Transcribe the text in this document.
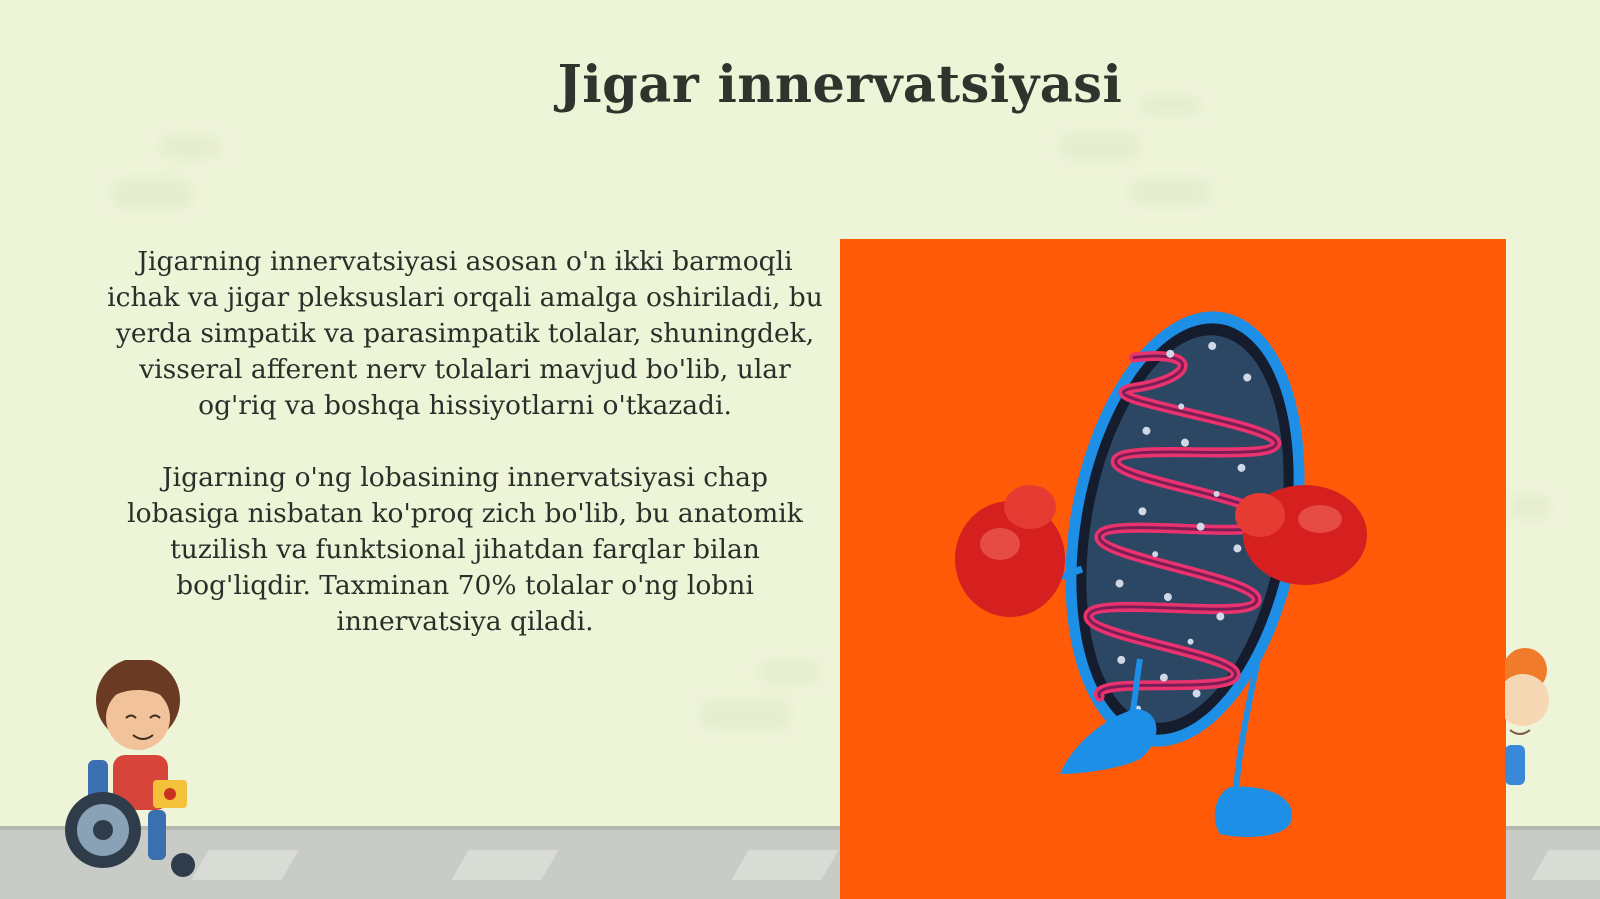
Jigar innervatsiyasi

Jigarning innervatsiyasi asosan o'n ikki barmoqli ichak va jigar pleksuslari orqali amalga oshiriladi, bu yerda simpatik va parasimpatik tolalar, shuningdek, visseral afferent nerv tolalari mavjud bo'lib, ular og'riq va boshqa hissiyotlarni o'tkazadi.

Jigarning o'ng lobasining innervatsiyasi chap lobasiga nisbatan ko'proq zich bo'lib, bu anatomik tuzilish va funktsional jihatdan farqlar bilan bog'liqdir. Taxminan 70% tolalar o'ng lobni innervatsiya qiladi.
